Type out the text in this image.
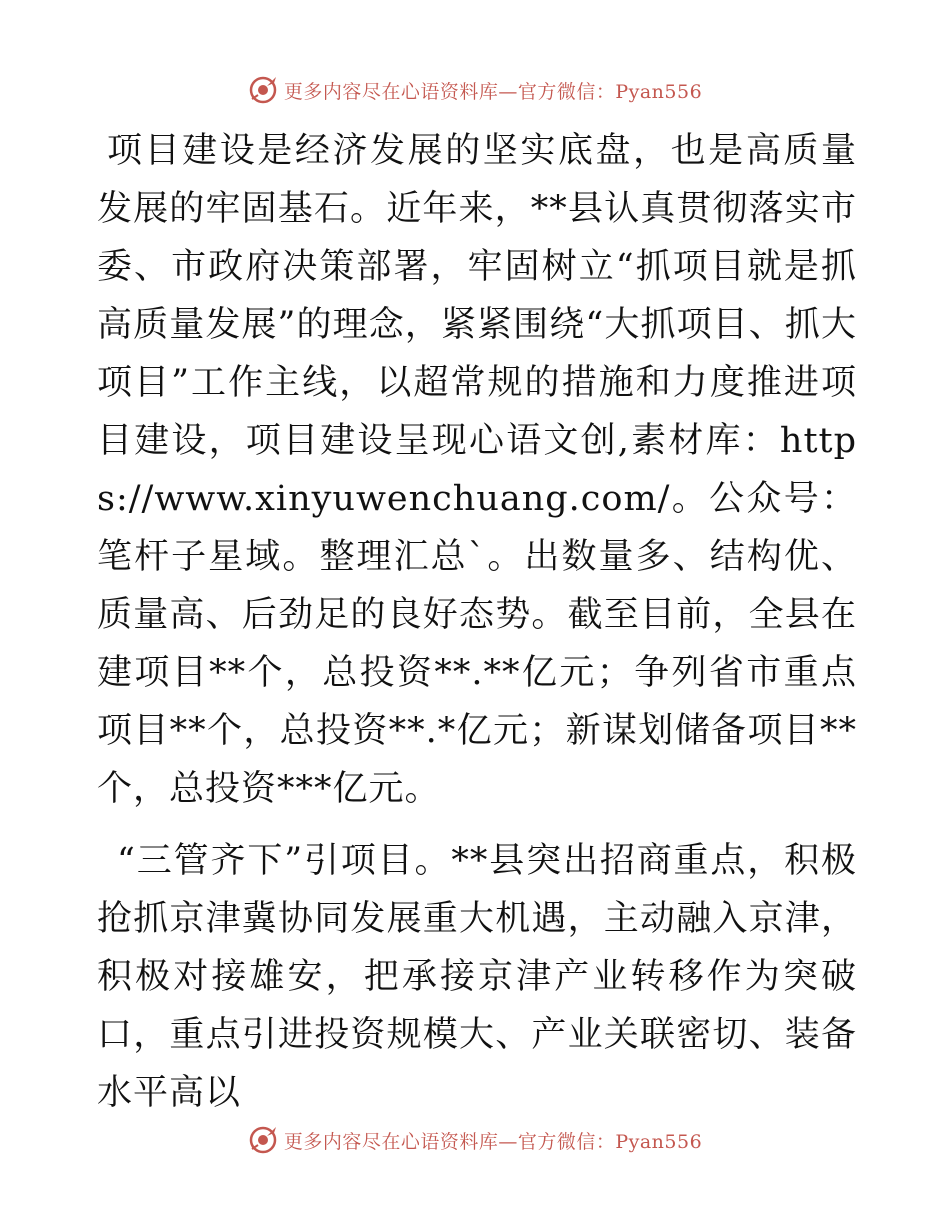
更多内容尽在心语资料库—官方微信：Pyan556

项目建设是经济发展的坚实底盘，也是高质量发展的牢固基石。近年来，**县认真贯彻落实市委、市政府决策部署，牢固树立“抓项目就是抓高质量发展”的理念，紧紧围绕“大抓项目、抓大项目”工作主线，以超常规的措施和力度推进项目建设，项目建设呈现心语文创,素材库：https://www.xinyuwenchuang.com/。公众号：笔杆子星域。整理汇总`。出数量多、结构优、质量高、后劲足的良好态势。截至目前，全县在建项目**个，总投资**.**亿元；争列省市重点项目**个，总投资**.*亿元；新谋划储备项目**个，总投资***亿元。

“三管齐下”引项目。**县突出招商重点，积极抢抓京津冀协同发展重大机遇，主动融入京津，积极对接雄安，把承接京津产业转移作为突破口，重点引进投资规模大、产业关联密切、装备水平高以

更多内容尽在心语资料库—官方微信：Pyan556
